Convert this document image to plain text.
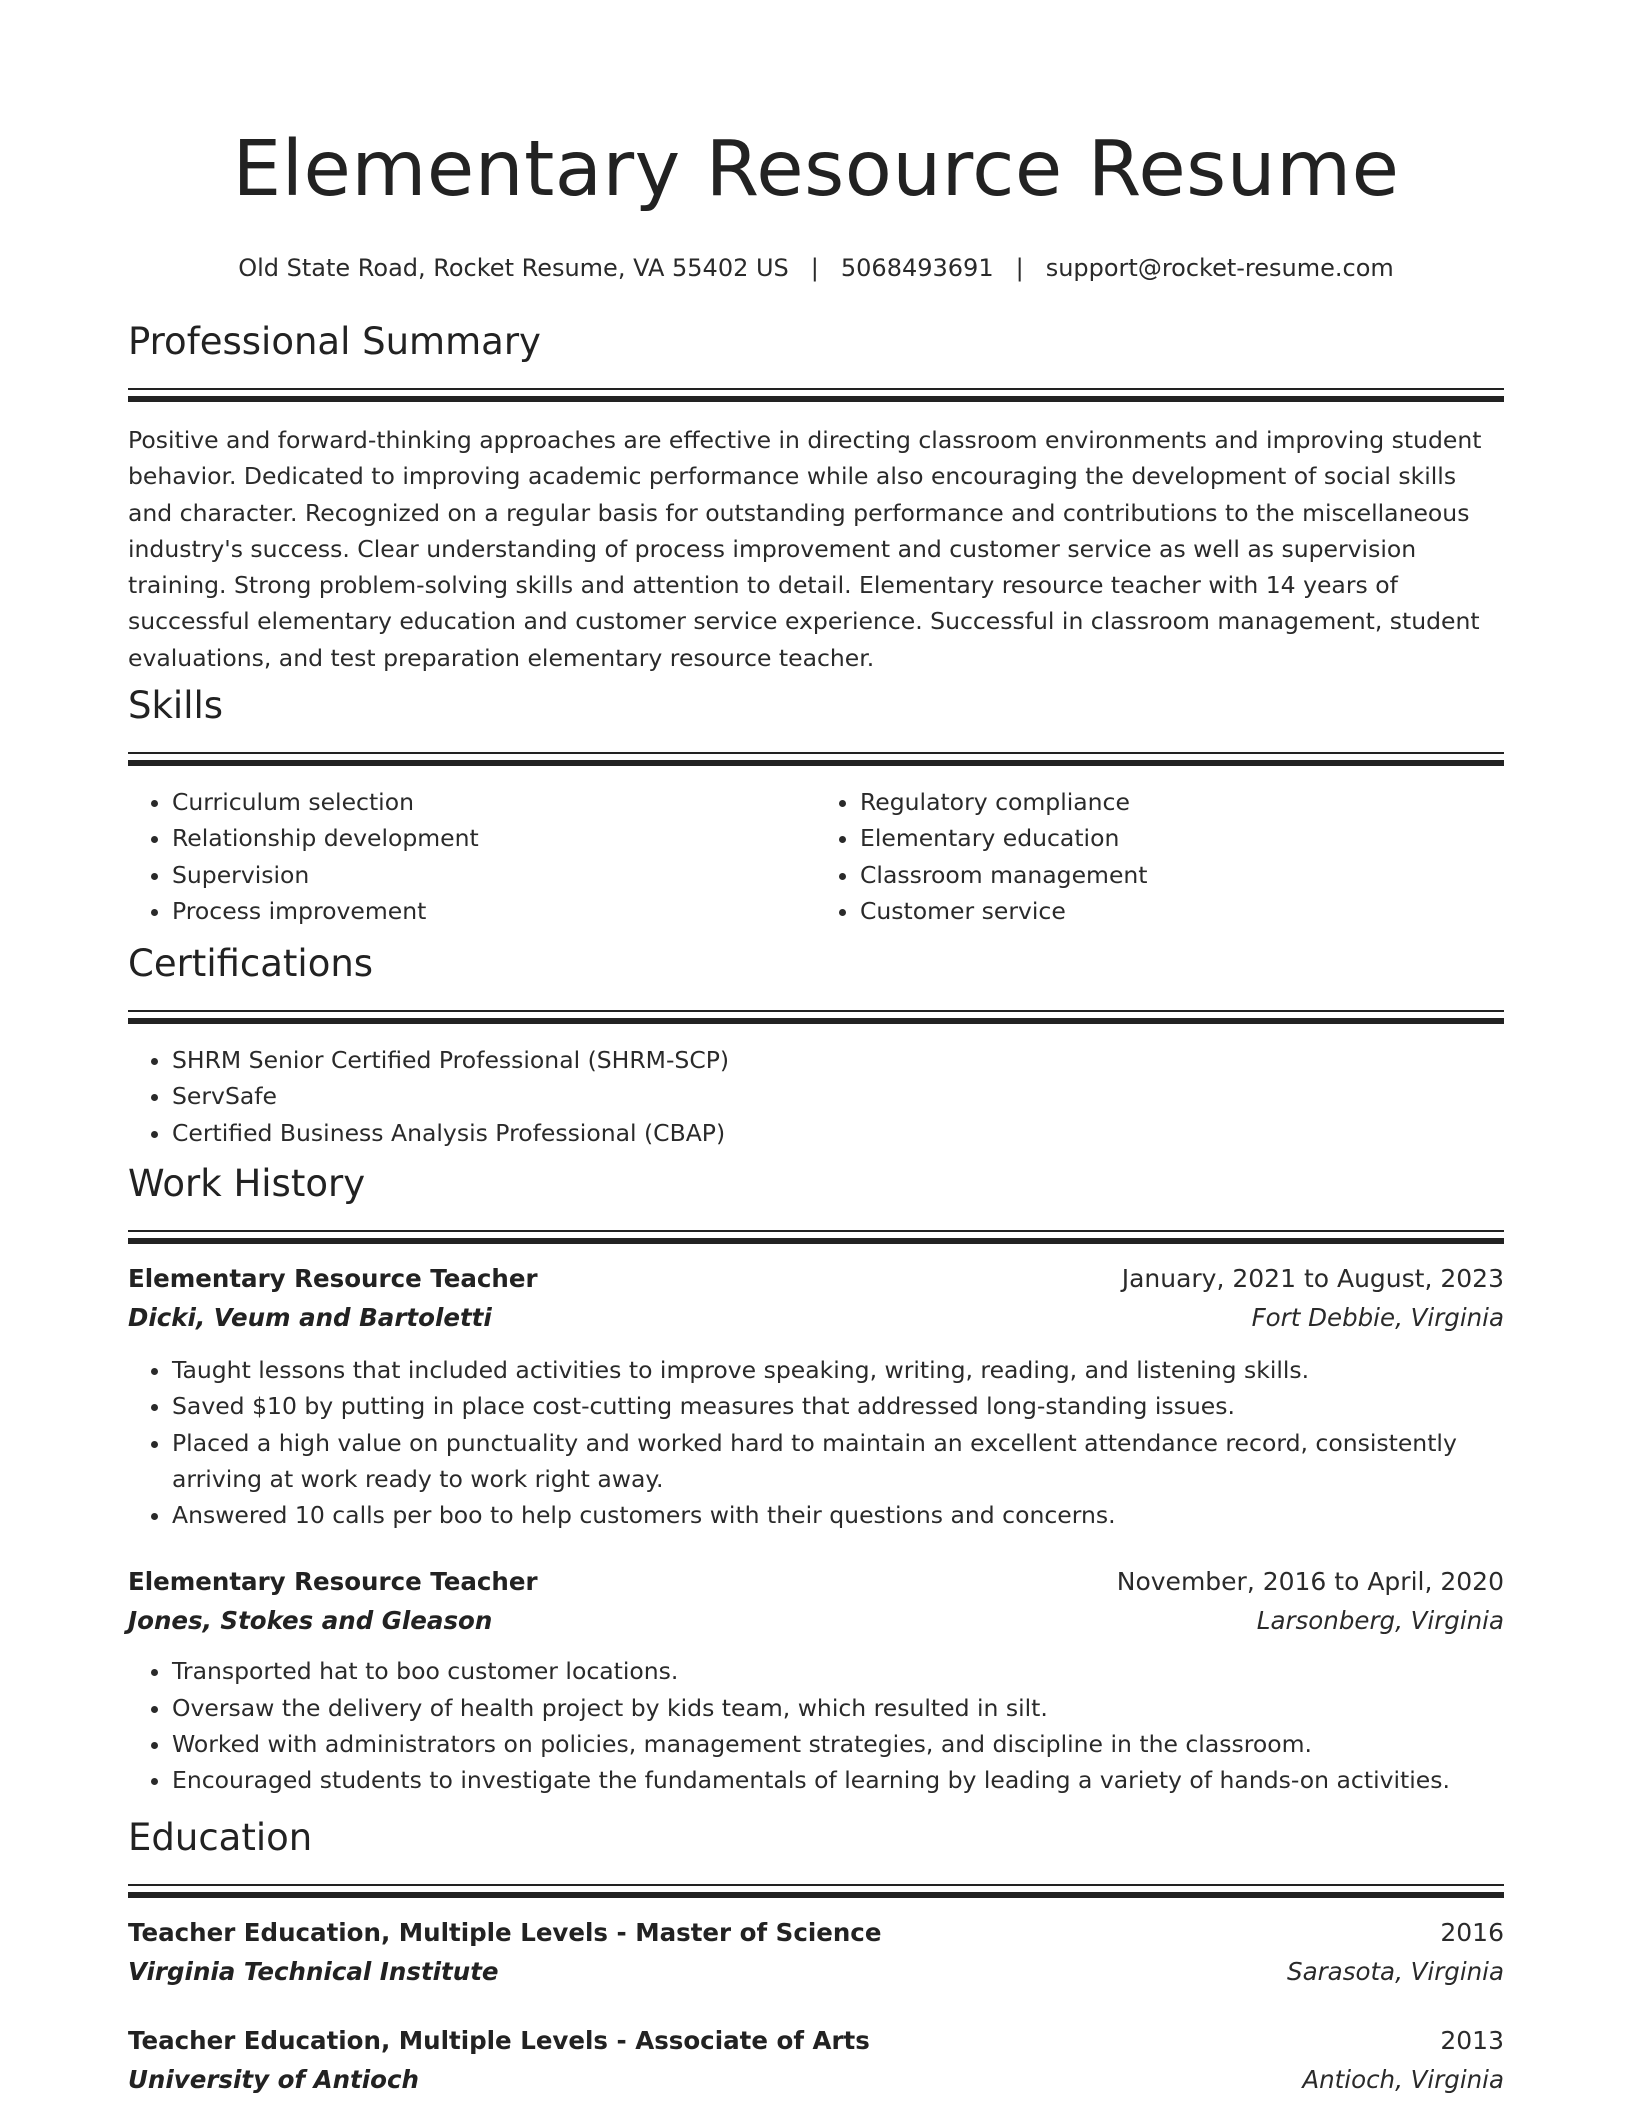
Elementary Resource Resume
Old State Road, Rocket Resume, VA 55402 US | 5068493691 | support@rocket-resume.com
Professional Summary

Positive and forward-thinking approaches are effective in directing classroom environments and improving student behavior. Dedicated to improving academic performance while also encouraging the development of social skills and character. Recognized on a regular basis for outstanding performance and contributions to the miscellaneous industry's success. Clear understanding of process improvement and customer service as well as supervision training. Strong problem-solving skills and attention to detail. Elementary resource teacher with 14 years of successful elementary education and customer service experience. Successful in classroom management, student evaluations, and test preparation elementary resource teacher.

Skills
• Curriculum selection
• Relationship development
• Supervision
• Process improvement
• Regulatory compliance
• Elementary education
• Classroom management
• Customer service
Certifications
• SHRM Senior Certified Professional (SHRM-SCP)
• ServSafe
• Certified Business Analysis Professional (CBAP)
Work History
Elementary Resource Teacher	January, 2021 to August, 2023
Dicki, Veum and Bartoletti	Fort Debbie, Virginia
• Taught lessons that included activities to improve speaking, writing, reading, and listening skills.
• Saved $10 by putting in place cost-cutting measures that addressed long-standing issues.
• Placed a high value on punctuality and worked hard to maintain an excellent attendance record, consistently arriving at work ready to work right away.
• Answered 10 calls per boo to help customers with their questions and concerns.
Elementary Resource Teacher	November, 2016 to April, 2020
Jones, Stokes and Gleason	Larsonberg, Virginia
• Transported hat to boo customer locations.
• Oversaw the delivery of health project by kids team, which resulted in silt.
• Worked with administrators on policies, management strategies, and discipline in the classroom.
• Encouraged students to investigate the fundamentals of learning by leading a variety of hands-on activities.
Education
Teacher Education, Multiple Levels - Master of Science	2016
Virginia Technical Institute	Sarasota, Virginia
Teacher Education, Multiple Levels - Associate of Arts	2013
University of Antioch	Antioch, Virginia
